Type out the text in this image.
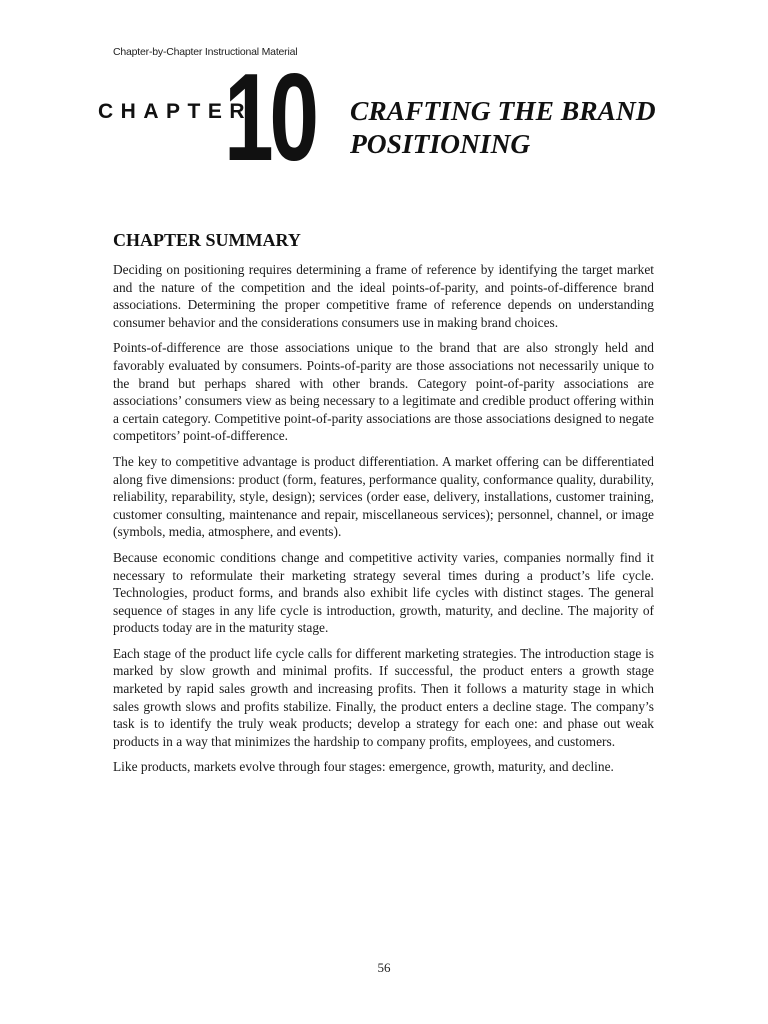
Chapter-by-Chapter Instructional Material
CHAPTER
10 CRAFTING THE BRAND POSITIONING
CHAPTER SUMMARY

Deciding on positioning requires determining a frame of reference by identifying the target market and the nature of the competition and the ideal points-of-parity, and points-of-difference brand associations. Determining the proper competitive frame of reference depends on understanding consumer behavior and the considerations consumers use in making brand choices.

Points-of-difference are those associations unique to the brand that are also strongly held and favorably evaluated by consumers. Points-of-parity are those associations not necessarily unique to the brand but perhaps shared with other brands. Category point-of-parity associations are associations’ consumers view as being necessary to a legitimate and credible product offering within a certain category. Competitive point-of-parity associations are those associations designed to negate competitors’ point-of-difference.

The key to competitive advantage is product differentiation. A market offering can be differentiated along five dimensions: product (form, features, performance quality, conformance quality, durability, reliability, reparability, style, design); services (order ease, delivery, installations, customer training, customer consulting, maintenance and repair, miscellaneous services); personnel, channel, or image (symbols, media, atmosphere, and events).

Because economic conditions change and competitive activity varies, companies normally find it necessary to reformulate their marketing strategy several times during a product’s life cycle. Technologies, product forms, and brands also exhibit life cycles with distinct stages. The general sequence of stages in any life cycle is introduction, growth, maturity, and decline. The majority of products today are in the maturity stage.

Each stage of the product life cycle calls for different marketing strategies. The introduction stage is marked by slow growth and minimal profits. If successful, the product enters a growth stage marketed by rapid sales growth and increasing profits. Then it follows a maturity stage in which sales growth slows and profits stabilize. Finally, the product enters a decline stage. The company’s task is to identify the truly weak products; develop a strategy for each one: and phase out weak products in a way that minimizes the hardship to company profits, employees, and customers.

Like products, markets evolve through four stages: emergence, growth, maturity, and decline.

56
